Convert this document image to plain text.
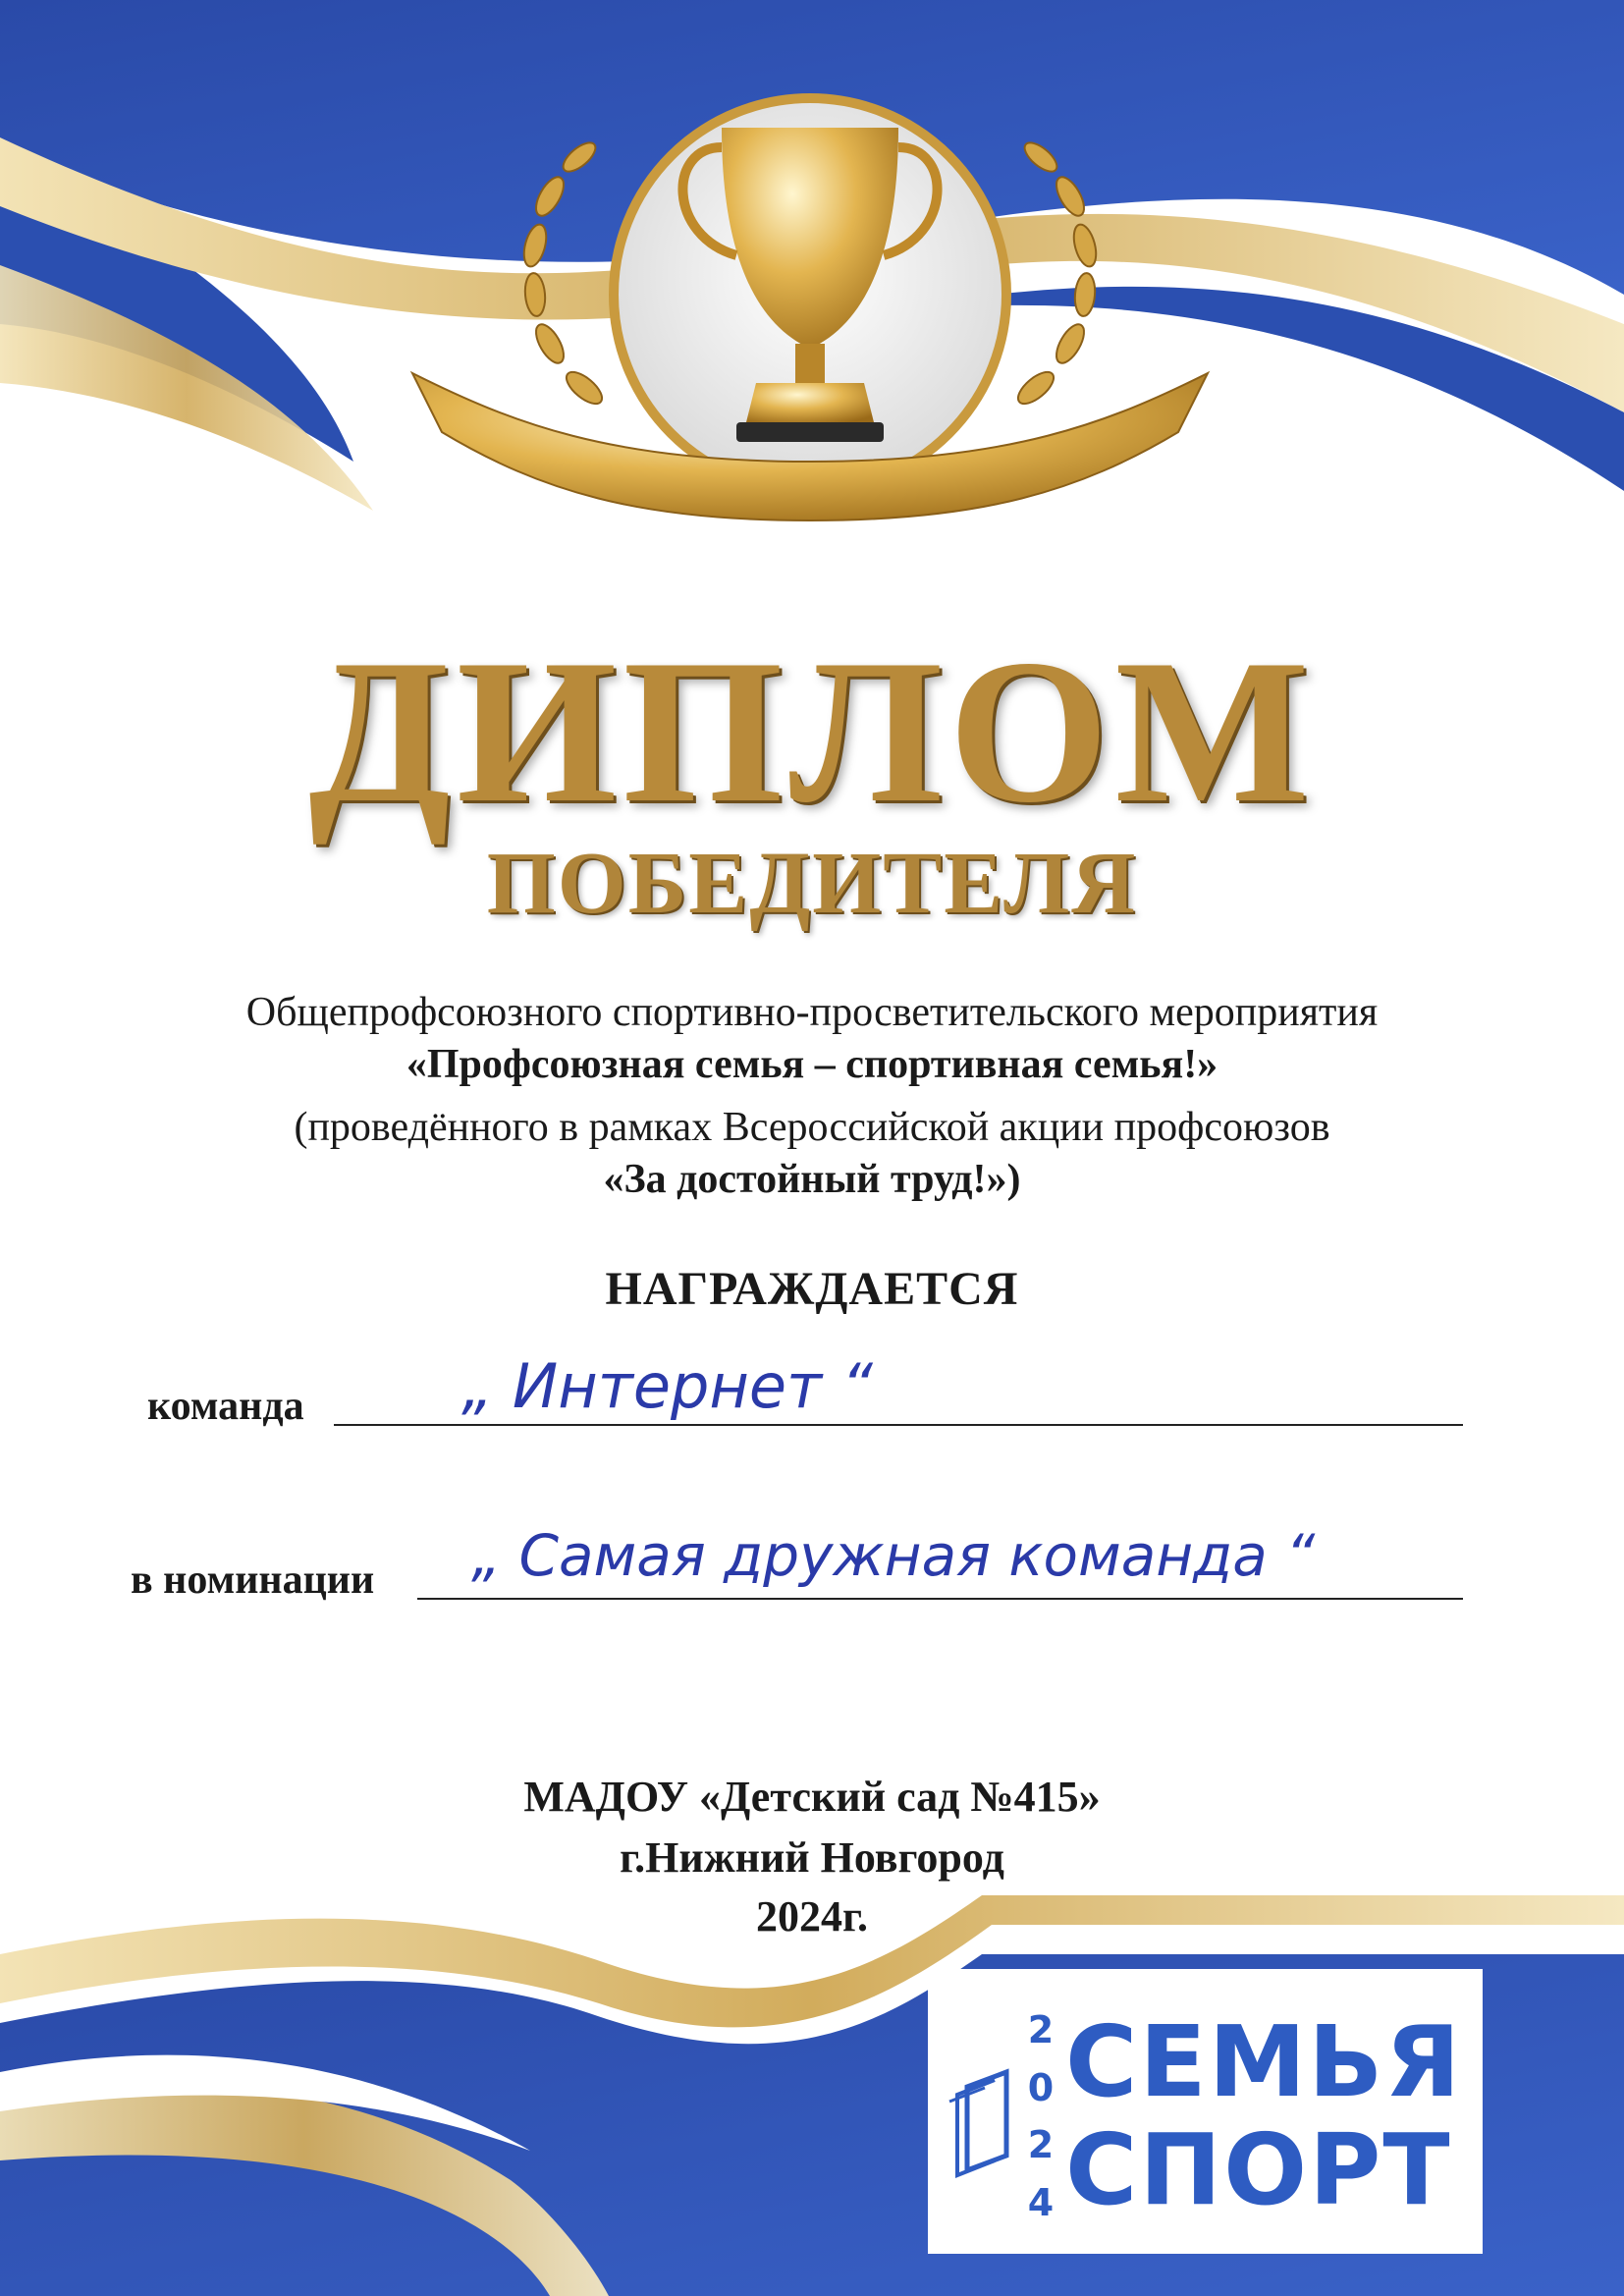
ДИПЛОМ
ПОБЕДИТЕЛЯ
Общепрофсоюзного спортивно-просветительского мероприятия
«Профсоюзная семья – спортивная семья!»
(проведённого в рамках Всероссийской акции профсоюзов
«За достойный труд!»)
НАГРАЖДАЕТСЯ
команда	„ Интернет “
в номинации „ Самая дружная команда “
МАДОУ «Детский сад №415»
г.Нижний Новгород
2024г.
2
0
2
4
СЕМЬЯ
СПОРТ
